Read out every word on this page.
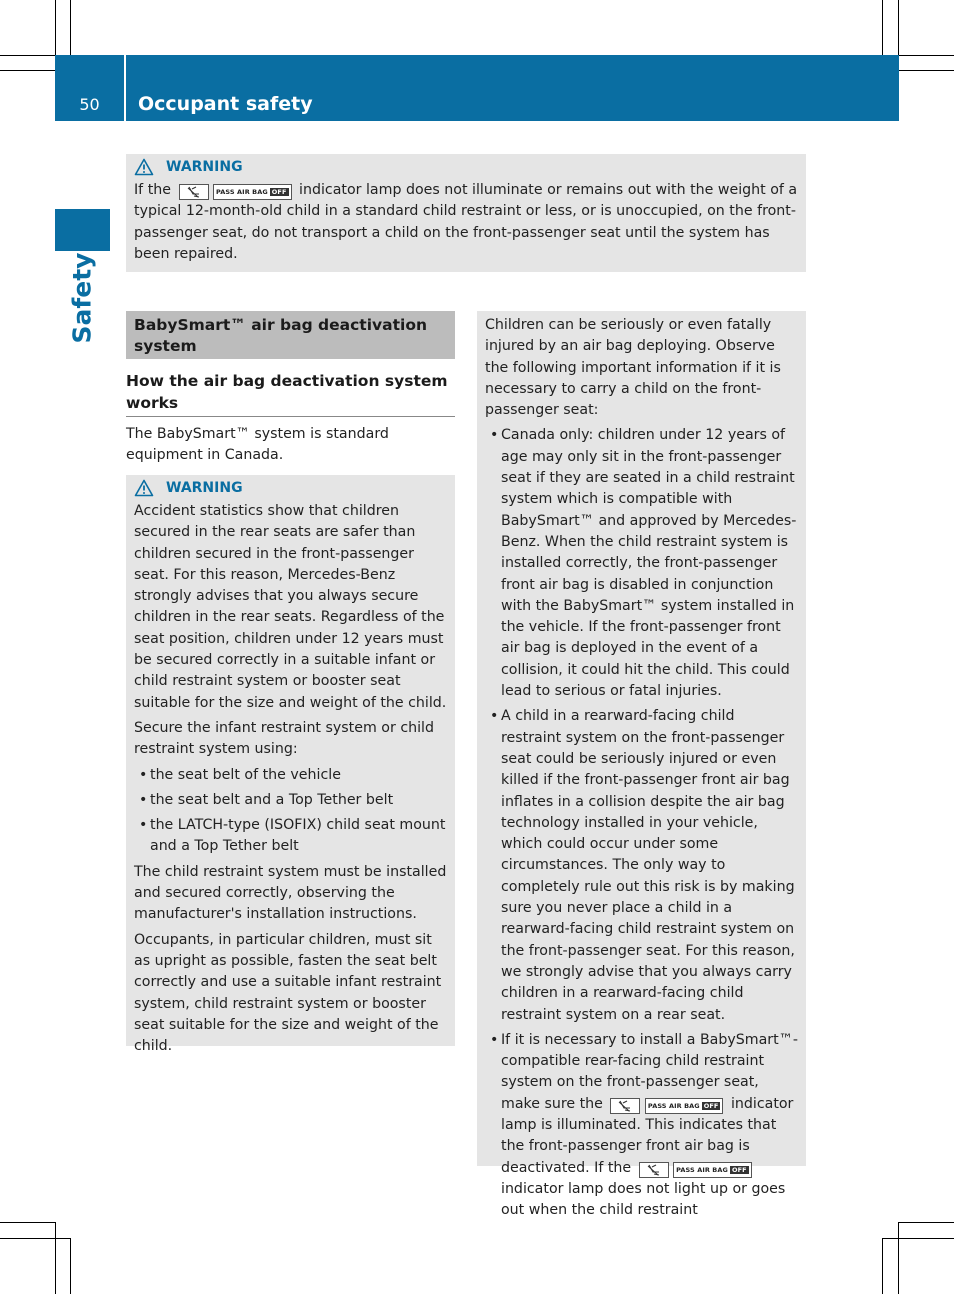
50	Occupant safety
Safety
WARNING
If the	PASS AIR BAG OFF indicator lamp does not illuminate or remains out with the weight of a typical 12-month-old child in a standard child restraint or less, or is unoccupied, on the front-passenger seat, do not transport a child on the front-passenger seat until the system has been repaired.
BabySmart™ air bag deactivation system
How the air bag deactivation system works
The BabySmart™ system is standard equipment in Canada.
WARNING

Accident statistics show that children secured in the rear seats are safer than children secured in the front-passenger seat. For this reason, Mercedes-Benz strongly advises that you always secure children in the rear seats. Regardless of the seat position, children under 12 years must be secured correctly in a suitable infant or child restraint system or booster seat suitable for the size and weight of the child.

Secure the infant restraint system or child restraint system using:

• the seat belt of the vehicle
• the seat belt and a Top Tether belt
• the LATCH-type (ISOFIX) child seat mount and a Top Tether belt

The child restraint system must be installed and secured correctly, observing the manufacturer's installation instructions.

Occupants, in particular children, must sit as upright as possible, fasten the seat belt correctly and use a suitable infant restraint system, child restraint system or booster seat suitable for the size and weight of the child.

Children can be seriously or even fatally injured by an air bag deploying. Observe the following important information if it is necessary to carry a child on the front-passenger seat:

• Canada only: children under 12 years of age may only sit in the front-passenger seat if they are seated in a child restraint system which is compatible with BabySmart™ and approved by Mercedes-Benz. When the child restraint system is installed correctly, the front-passenger front air bag is disabled in conjunction with the BabySmart™ system installed in the vehicle. If the front-passenger front air bag is deployed in the event of a collision, it could hit the child. This could lead to serious or fatal injuries.
• A child in a rearward-facing child restraint system on the front-passenger seat could be seriously injured or even killed if the front-passenger front air bag inflates in a collision despite the air bag technology installed in your vehicle, which could occur under some circumstances. The only way to completely rule out this risk is by making sure you never place a child in a rearward-facing child restraint system on the front-passenger seat. For this reason, we strongly advise that you always carry children in a rearward-facing child restraint system on a rear seat.
• If it is necessary to install a BabySmart™-compatible rear-facing child restraint system on the front-passenger seat, make sure the	PASS AIR BAG OFF indicator lamp is illuminated. This indicates that the front-passenger front air bag is deactivated. If the	PASS AIR BAG OFF indicator lamp does not light up or goes out when the child restraint
